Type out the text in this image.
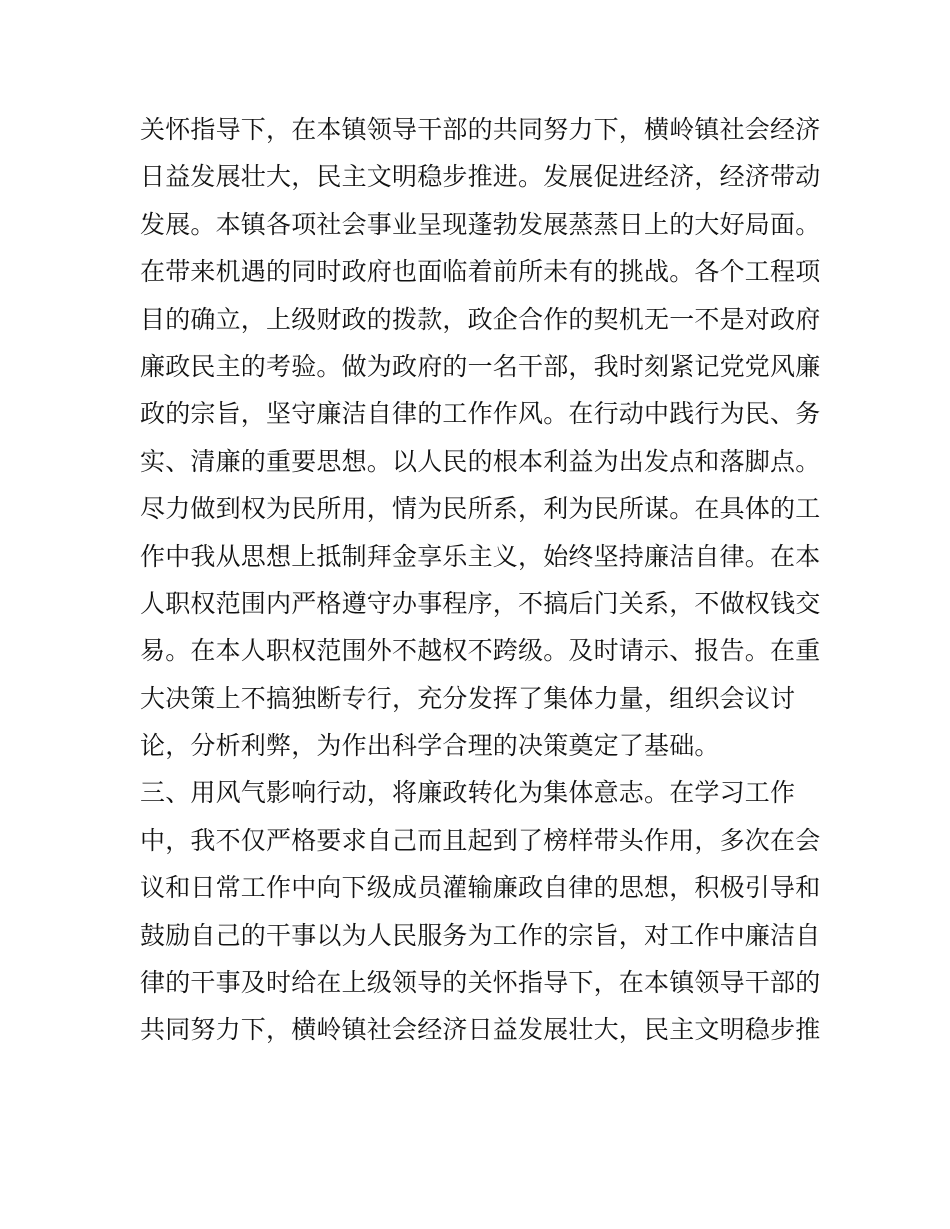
关怀指导下，在本镇领导干部的共同努力下，横岭镇社会经济
日益发展壮大，民主文明稳步推进。发展促进经济，经济带动
发展。本镇各项社会事业呈现蓬勃发展蒸蒸日上的大好局面。
在带来机遇的同时政府也面临着前所未有的挑战。各个工程项
目的确立，上级财政的拨款，政企合作的契机无一不是对政府
廉政民主的考验。做为政府的一名干部，我时刻紧记党党风廉
政的宗旨，坚守廉洁自律的工作作风。在行动中践行为民、务
实、清廉的重要思想。以人民的根本利益为出发点和落脚点。
尽力做到权为民所用，情为民所系，利为民所谋。在具体的工
作中我从思想上抵制拜金享乐主义，始终坚持廉洁自律。在本
人职权范围内严格遵守办事程序，不搞后门关系，不做权钱交
易。在本人职权范围外不越权不跨级。及时请示、报告。在重
大决策上不搞独断专行，充分发挥了集体力量，组织会议讨
论，分析利弊，为作出科学合理的决策奠定了基础。
三、用风气影响行动，将廉政转化为集体意志。在学习工作
中，我不仅严格要求自己而且起到了榜样带头作用，多次在会
议和日常工作中向下级成员灌输廉政自律的思想，积极引导和
鼓励自己的干事以为人民服务为工作的宗旨，对工作中廉洁自
律的干事及时给在上级领导的关怀指导下，在本镇领导干部的
共同努力下，横岭镇社会经济日益发展壮大，民主文明稳步推
